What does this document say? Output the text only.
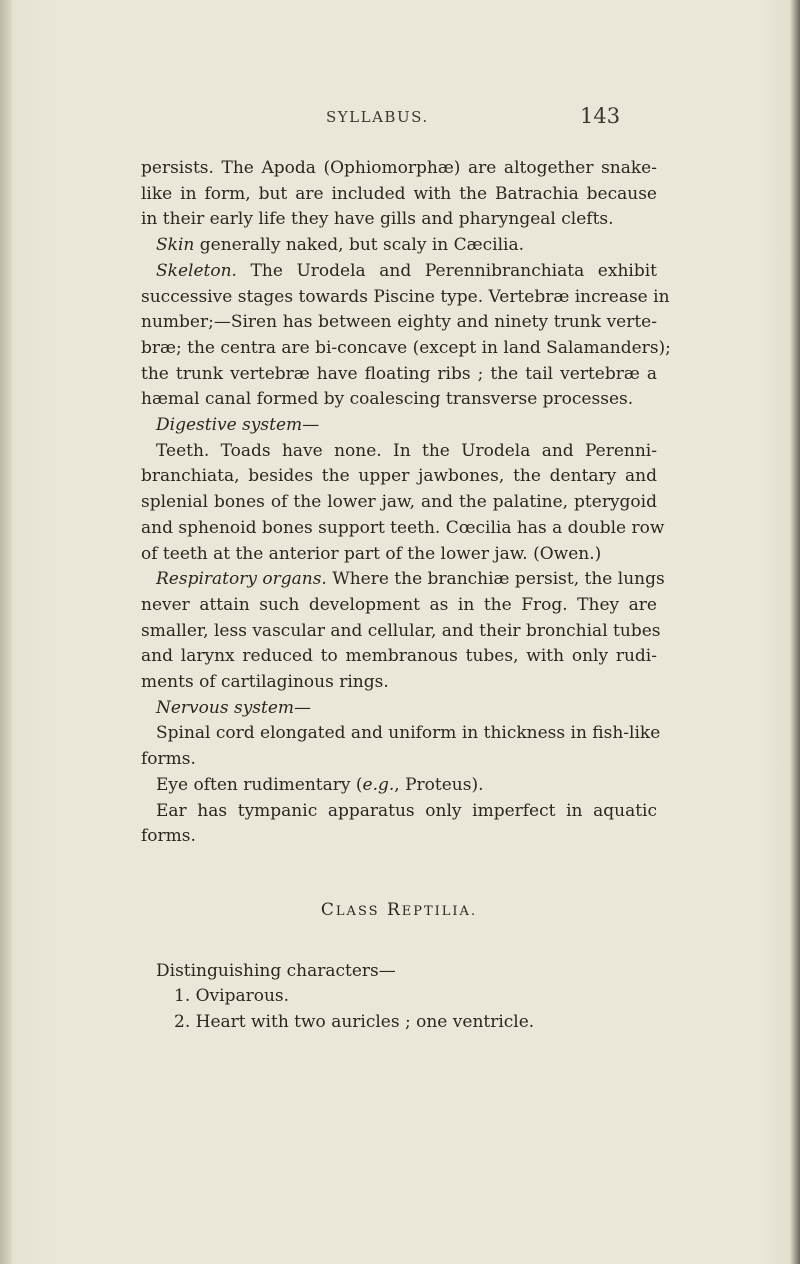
SYLLABUS.	143
persists. The Apoda (Ophiomorphæ) are altogether snake-
like in form, but are included with the Batrachia because
in their early life they have gills and pharyngeal clefts.
Skin generally naked, but scaly in Cæcilia.
Skeleton. The Urodela and Perennibranchiata exhibit
successive stages towards Piscine type. Vertebræ increase in
number;—Siren has between eighty and ninety trunk verte-
bræ; the centra are bi-concave (except in land Salamanders);
the trunk vertebræ have floating ribs ; the tail vertebræ a
hæmal canal formed by coalescing transverse processes.
Digestive system—
Teeth. Toads have none. In the Urodela and Perenni-
branchiata, besides the upper jawbones, the dentary and
splenial bones of the lower jaw, and the palatine, pterygoid
and sphenoid bones support teeth. Cœcilia has a double row
of teeth at the anterior part of the lower jaw. (Owen.)
Respiratory organs. Where the branchiæ persist, the lungs
never attain such development as in the Frog. They are
smaller, less vascular and cellular, and their bronchial tubes
and larynx reduced to membranous tubes, with only rudi-
ments of cartilaginous rings.
Nervous system—
Spinal cord elongated and uniform in thickness in fish-like
forms.
Eye often rudimentary (e.g., Proteus).
Ear has tympanic apparatus only imperfect in aquatic
forms.
CLASS REPTILIA.
Distinguishing characters—
1. Oviparous.
2. Heart with two auricles ; one ventricle.
